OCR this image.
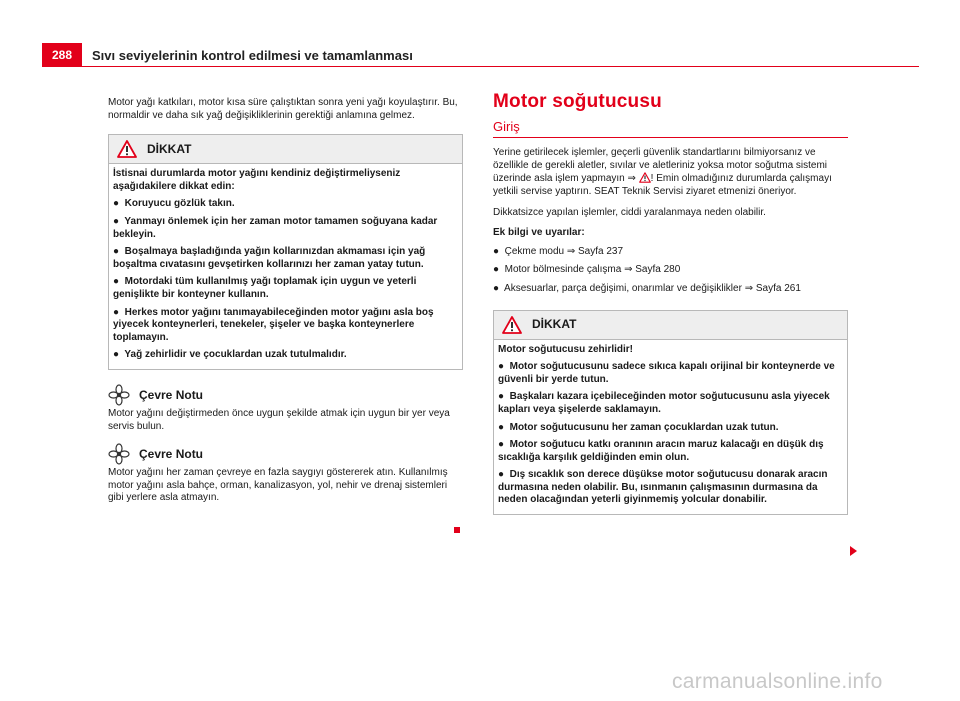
288	Sıvı seviyelerinin kontrol edilmesi ve tamamlanması

Motor yağı katkıları, motor kısa süre çalıştıktan sonra yeni yağı koyulaştırır. Bu, normaldir ve daha sık yağ değişikliklerinin gerektiği anlamına gelmez.

DİKKAT
İstisnai durumlarda motor yağını kendiniz değiştirmeliyseniz aşağıdakilere dikkat edin:
●  Koruyucu gözlük takın.
●  Yanmayı önlemek için her zaman motor tamamen soğuyana kadar bekleyin.
●  Boşalmaya başladığında yağın kollarınızdan akmaması için yağ boşaltma cıvatasını gevşetirken kollarınızı her zaman yatay tutun.
●  Motordaki tüm kullanılmış yağı toplamak için uygun ve yeterli genişlikte bir konteyner kullanın.
●  Herkes motor yağını tanımayabileceğinden motor yağını asla boş yiyecek konteynerleri, tenekeler, şişeler ve başka konteynerlere toplamayın.
●  Yağ zehirlidir ve çocuklardan uzak tutulmalıdır.
Çevre Notu
Motor yağını değiştirmeden önce uygun şekilde atmak için uygun bir yer veya servis bulun.
Çevre Notu
Motor yağını her zaman çevreye en fazla saygıyı göstererek atın. Kullanılmış motor yağını asla bahçe, orman, kanalizasyon, yol, nehir ve drenaj sistemleri gibi yerlere asla atmayın.
Motor soğutucusu
Giriş

Yerine getirilecek işlemler, geçerli güvenlik standartlarını bilmiyorsanız ve özellikle de gerekli aletler, sıvılar ve aletleriniz yoksa motor soğutma sistemi üzerinde asla işlem yapmayın ⇒ ! Emin olmadığınız durumlarda çalışmayı yetkili servise yaptırın. SEAT Teknik Servisi ziyaret etmenizi öneriyor.

Dikkatsizce yapılan işlemler, ciddi yaralanmaya neden olabilir.

Ek bilgi ve uyarılar:
●  Çekme modu ⇒ Sayfa 237
●  Motor bölmesinde çalışma ⇒ Sayfa 280
●  Aksesuarlar, parça değişimi, onarımlar ve değişiklikler ⇒ Sayfa 261
DİKKAT
Motor soğutucusu zehirlidir!
●  Motor soğutucusunu sadece sıkıca kapalı orijinal bir konteynerde ve güvenli bir yerde tutun.
●  Başkaları kazara içebileceğinden motor soğutucusunu asla yiyecek kapları veya şişelerde saklamayın.
●  Motor soğutucusunu her zaman çocuklardan uzak tutun.
●  Motor soğutucu katkı oranının aracın maruz kalacağı en düşük dış sıcaklığa karşılık geldiğinden emin olun.
●  Dış sıcaklık son derece düşükse motor soğutucusu donarak aracın durmasına neden olabilir. Bu, ısınmanın çalışmasının durmasına da neden olacağından yeterli giyinmemiş yolcular donabilir.
carmanualsonline.info
